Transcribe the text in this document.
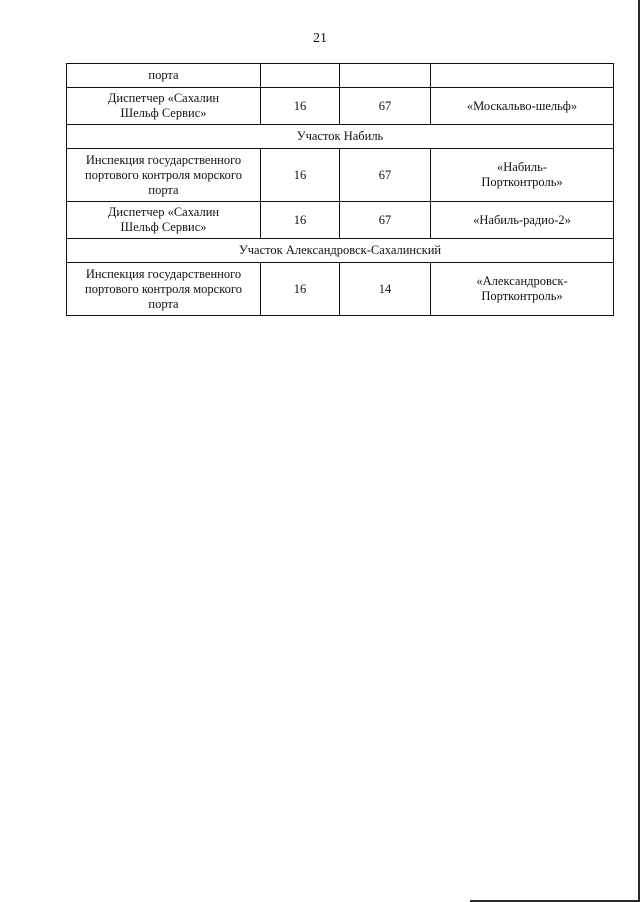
21
порта			

Диспетчер «Сахалин Шельф Сервис»	16	67	«Москальво-шельф»
Участок Набиль			
Инспекция государственного портового контроля морского порта	16	67	«Набиль-Портконтроль»

Диспетчер «Сахалин Шельф Сервис»	16	67	«Набиль-радио-2»
Участок Александровск-Сахалинский			
Инспекция государственного портового контроля морского порта	16	14	«Александровск-Портконтроль»
